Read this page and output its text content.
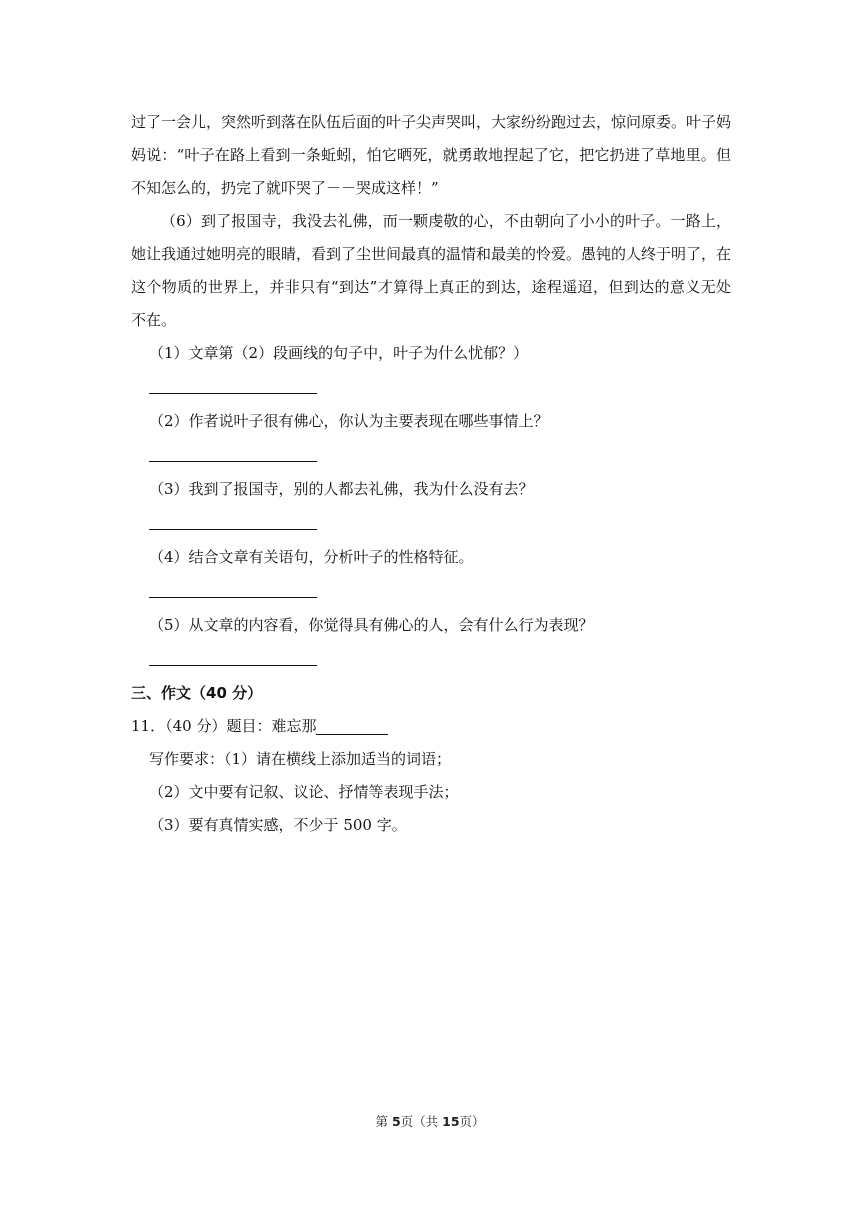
过了一会儿，突然听到落在队伍后面的叶子尖声哭叫，大家纷纷跑过去，惊问原委。叶子妈妈说：“叶子在路上看到一条蚯蚓，怕它晒死，就勇敢地捏起了它，把它扔进了草地里。但不知怎么的，扔完了就吓哭了－－哭成这样！”

（6）到了报国寺，我没去礼佛，而一颗虔敬的心，不由朝向了小小的叶子。一路上，她让我通过她明亮的眼睛，看到了尘世间最真的温情和最美的怜爱。愚钝的人终于明了，在这个物质的世界上，并非只有“到达”才算得上真正的到达，途程遥迢，但到达的意义无处不在。

（1）文章第（2）段画线的句子中，叶子为什么忧郁？）

（2）作者说叶子很有佛心，你认为主要表现在哪些事情上？

（3）我到了报国寺，别的人都去礼佛，我为什么没有去？

（4）结合文章有关语句，分析叶子的性格特征。

（5）从文章的内容看，你觉得具有佛心的人，会有什么行为表现？

三、作文（40 分）

11．（40 分）题目：难忘那

写作要求：（1）请在横线上添加适当的词语；

（2）文中要有记叙、议论、抒情等表现手法；

（3）要有真情实感，不少于 500 字。

第 5页（共 15页）
